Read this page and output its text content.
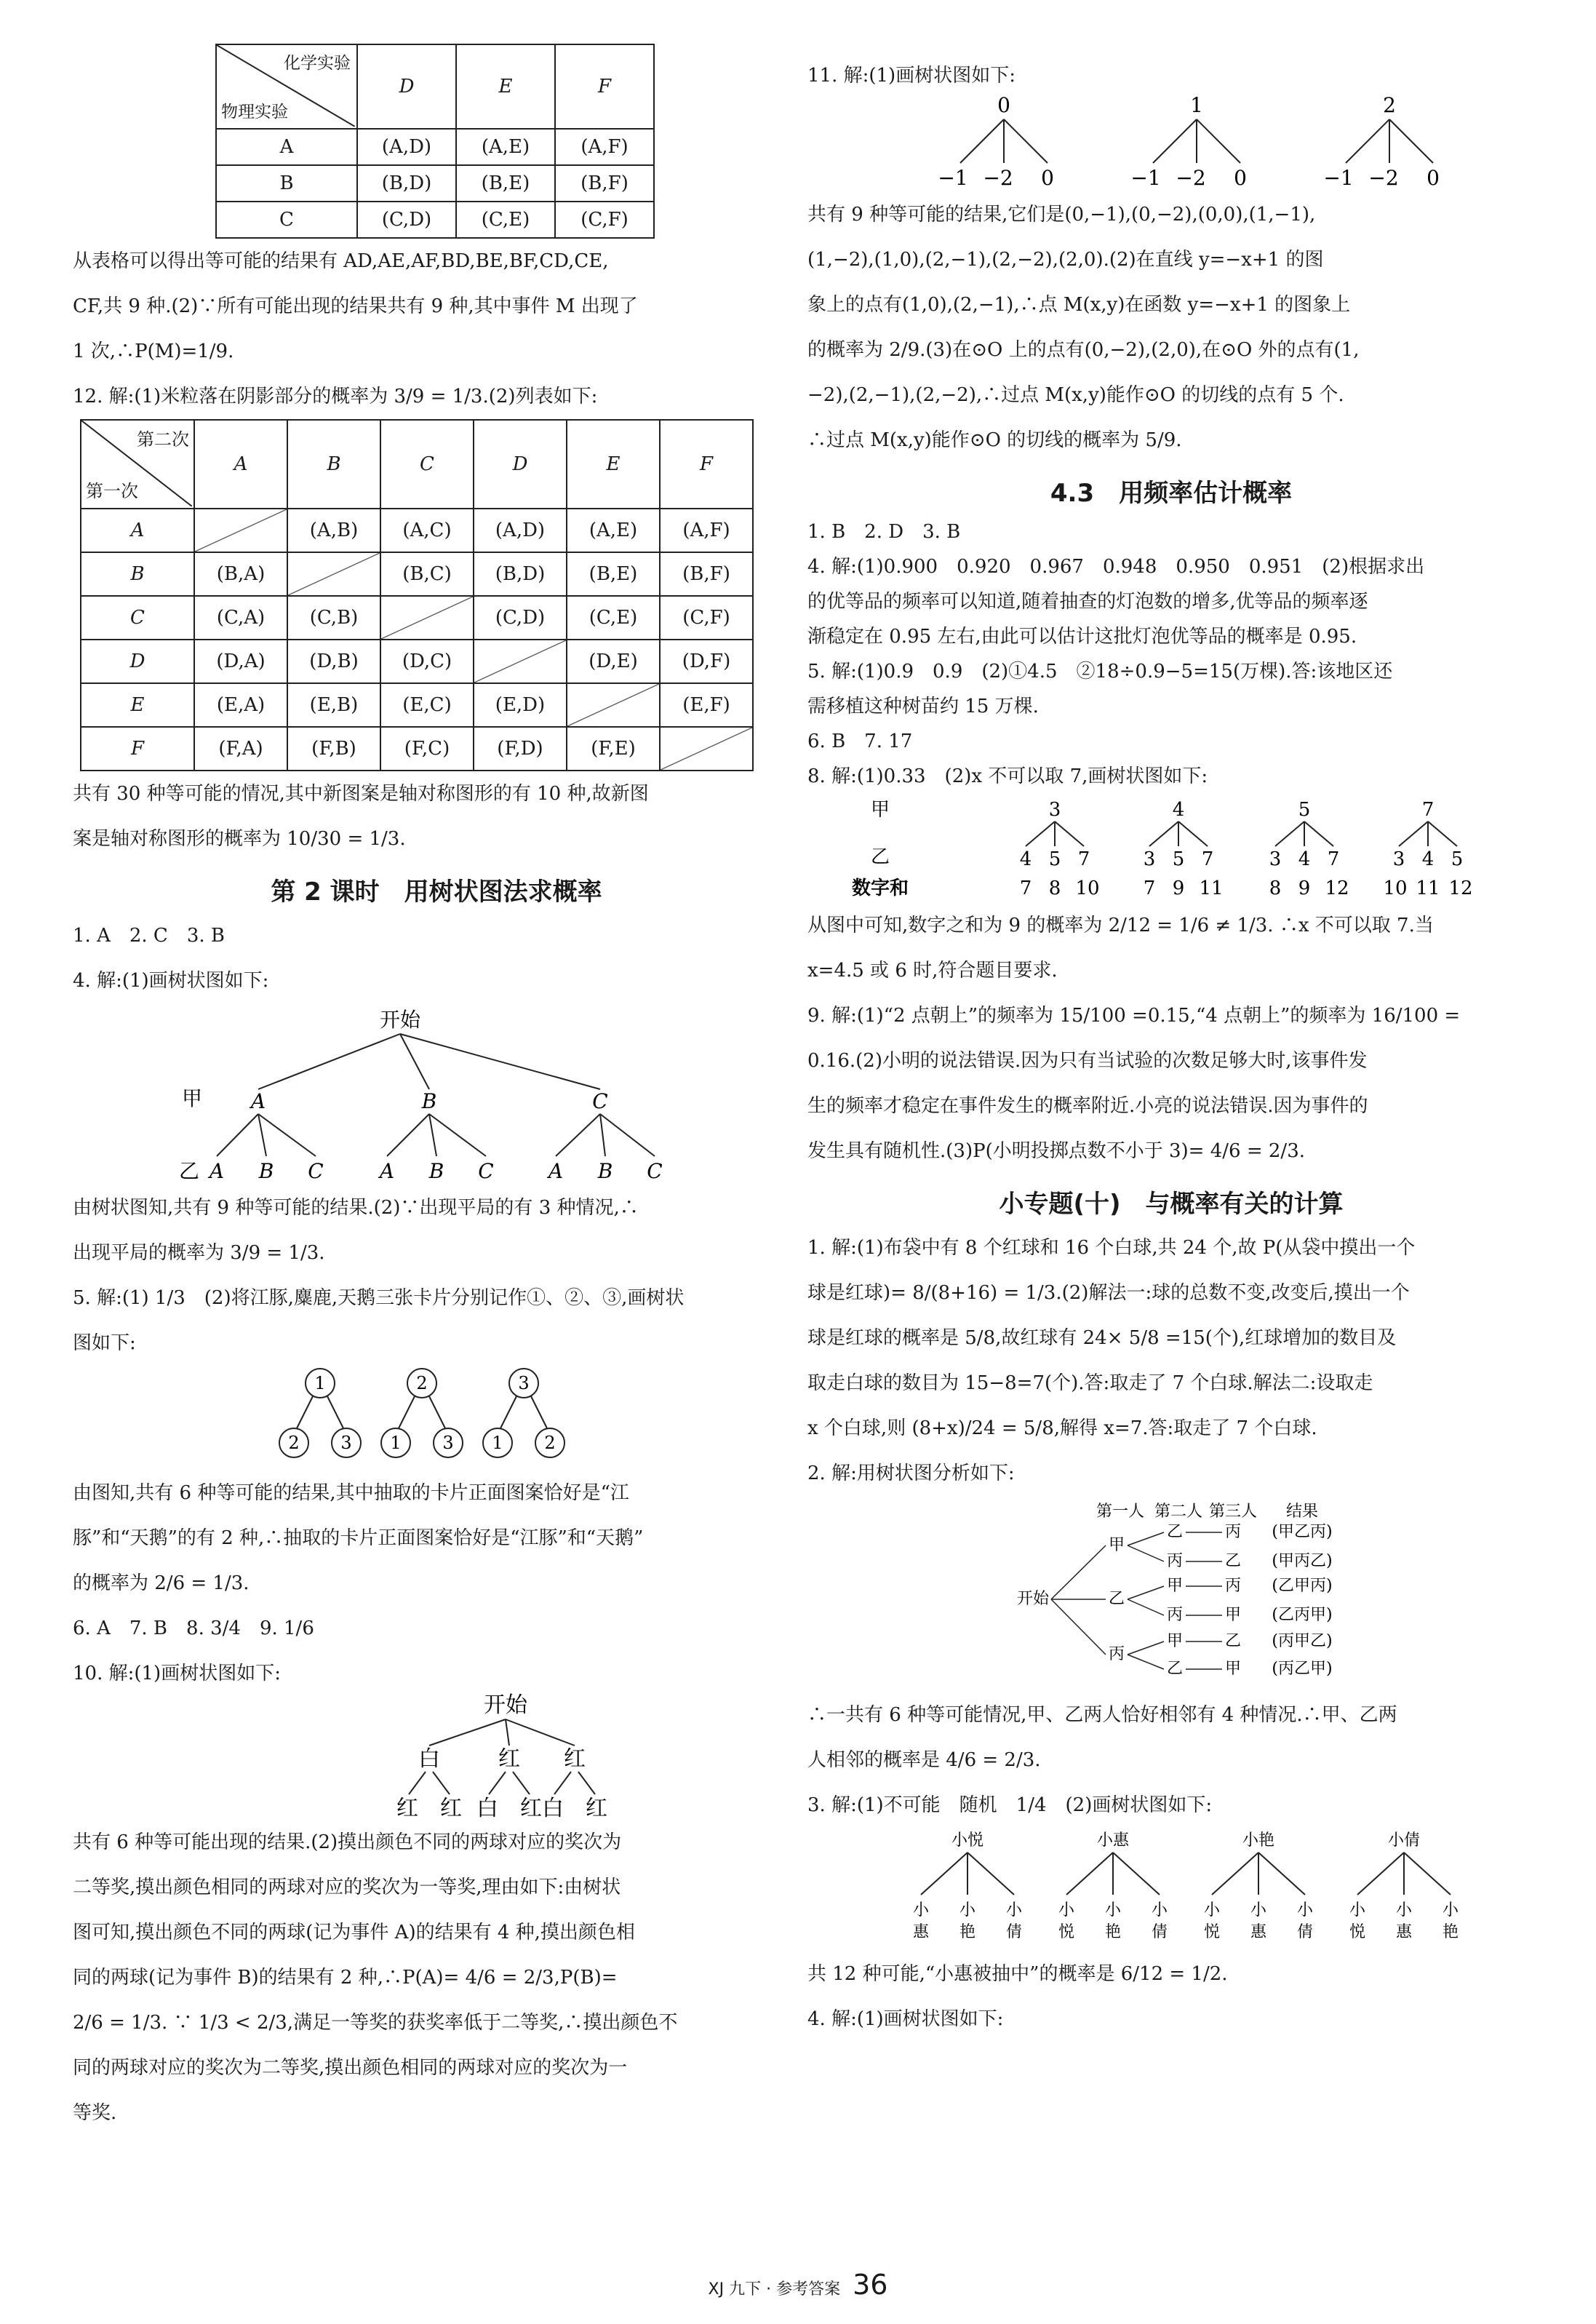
化学实验
物理实验	D	E	F
A	(A,D)	(A,E)	(A,F)
B	(B,D)	(B,E)	(B,F)
C	(C,D)	(C,E)	(C,F)

从表格可以得出等可能的结果有 AD,AE,AF,BD,BE,BF,CD,CE,

CF,共 9 种.(2)∵所有可能出现的结果共有 9 种,其中事件 M 出现了

1 次,∴P(M)=1/9.

12. 解:(1)米粒落在阴影部分的概率为 3/9 = 1/3.(2)列表如下:

第二次
第一次	A	B	C	D	E	F
A		(A,B)	(A,C)	(A,D)	(A,E)	(A,F)
B	(B,A)		(B,C)	(B,D)	(B,E)	(B,F)
C	(C,A)	(C,B)		(C,D)	(C,E)	(C,F)
D	(D,A)	(D,B)	(D,C)		(D,E)	(D,F)
E	(E,A)	(E,B)	(E,C)	(E,D)		(E,F)
F	(F,A)	(F,B)	(F,C)	(F,D)	(F,E)	

共有 30 种等可能的情况,其中新图案是轴对称图形的有 10 种,故新图

案是轴对称图形的概率为 10/30 = 1/3.

第 2 课时　用树状图法求概率

1. A　2. C　3. B

4. 解:(1)画树状图如下:

开始
甲 A	B	C
乙 A B C	A B C	A B C

由树状图知,共有 9 种等可能的结果.(2)∵出现平局的有 3 种情况,∴

出现平局的概率为 3/9 = 1/3.

5. 解:(1) 1/3　(2)将江豚,麋鹿,天鹅三张卡片分别记作①、②、③,画树状

图如下:

1	2	3
2 3 1 3 1 2

由图知,共有 6 种等可能的结果,其中抽取的卡片正面图案恰好是“江

豚”和“天鹅”的有 2 种,∴抽取的卡片正面图案恰好是“江豚”和“天鹅”

的概率为 2/6 = 1/3.

6. A　7. B　8. 3/4　9. 1/6

10. 解:(1)画树状图如下:

开始
白	红 红
红 红 白 红 白 红

共有 6 种等可能出现的结果.(2)摸出颜色不同的两球对应的奖次为

二等奖,摸出颜色相同的两球对应的奖次为一等奖,理由如下:由树状

图可知,摸出颜色不同的两球(记为事件 A)的结果有 4 种,摸出颜色相

同的两球(记为事件 B)的结果有 2 种,∴P(A)= 4/6 = 2/3,P(B)=

2/6 = 1/3. ∵ 1/3 < 2/3,满足一等奖的获奖率低于二等奖,∴摸出颜色不

同的两球对应的奖次为二等奖,摸出颜色相同的两球对应的奖次为一

等奖.

11. 解:(1)画树状图如下:

0	1	2
−1 −2 0	−1 −2 0	−1 −2 0

共有 9 种等可能的结果,它们是(0,−1),(0,−2),(0,0),(1,−1),

(1,−2),(1,0),(2,−1),(2,−2),(2,0).(2)在直线 y=−x+1 的图

象上的点有(1,0),(2,−1),∴点 M(x,y)在函数 y=−x+1 的图象上

的概率为 2/9.(3)在⊙O 上的点有(0,−2),(2,0),在⊙O 外的点有(1,

−2),(2,−1),(2,−2),∴过点 M(x,y)能作⊙O 的切线的点有 5 个.

∴过点 M(x,y)能作⊙O 的切线的概率为 5/9.

4.3　用频率估计概率

1. B　2. D　3. B

4. 解:(1)0.900　0.920　0.967　0.948　0.950　0.951　(2)根据求出

的优等品的频率可以知道,随着抽查的灯泡数的增多,优等品的频率逐

渐稳定在 0.95 左右,由此可以估计这批灯泡优等品的概率是 0.95.

5. 解:(1)0.9　0.9　(2)①4.5　②18÷0.9−5=15(万棵).答:该地区还

需移植这种树苗约 15 万棵.

6. B　7. 17

8. 解:(1)0.33　(2)x 不可以取 7,画树状图如下:

甲
乙
数字和
3	4	5	7
4 5 7	3 5 7	3 4 7	3 4 5
7 8 10 7 9 11 8 9 12 10 11 12

从图中可知,数字之和为 9 的概率为 2/12 = 1/6 ≠ 1/3. ∴x 不可以取 7.当

x=4.5 或 6 时,符合题目要求.

9. 解:(1)“2 点朝上”的频率为 15/100 =0.15,“4 点朝上”的频率为 16/100 =

0.16.(2)小明的说法错误.因为只有当试验的次数足够大时,该事件发

生的频率才稳定在事件发生的概率附近.小亮的说法错误.因为事件的

发生具有随机性.(3)P(小明投掷点数不小于 3)= 4/6 = 2/3.

小专题(十)　与概率有关的计算

1. 解:(1)布袋中有 8 个红球和 16 个白球,共 24 个,故 P(从袋中摸出一个

球是红球)= 8/(8+16) = 1/3.(2)解法一:球的总数不变,改变后,摸出一个

球是红球的概率是 5/8,故红球有 24× 5/8 =15(个),红球增加的数目及

取走白球的数目为 15−8=7(个).答:取走了 7 个白球.解法二:设取走

x 个白球,则 (8+x)/24 = 5/8,解得 x=7.答:取走了 7 个白球.

2. 解:用树状图分析如下:

第一人 第二人 第三人 结果
开始
甲
乙
丙
乙
丙
甲
丙
甲
乙
丙
乙
丙
甲
乙
甲
(甲乙丙)
(甲丙乙)
(乙甲丙)
(乙丙甲)
(丙甲乙)
(丙乙甲)

∴一共有 6 种等可能情况,甲、乙两人恰好相邻有 4 种情况.∴甲、乙两

人相邻的概率是 4/6 = 2/3.

3. 解:(1)不可能　随机　1/4　(2)画树状图如下:

小悦
小
惠
小
艳
小
倩
小惠
小
悦
小
艳
小
倩
小艳
小
悦
小
惠
小
倩
小倩
小
悦
小
惠
小
艳

共 12 种可能,“小惠被抽中”的概率是 6/12 = 1/2.

4. 解:(1)画树状图如下:

XJ 九下 · 参考答案 36
